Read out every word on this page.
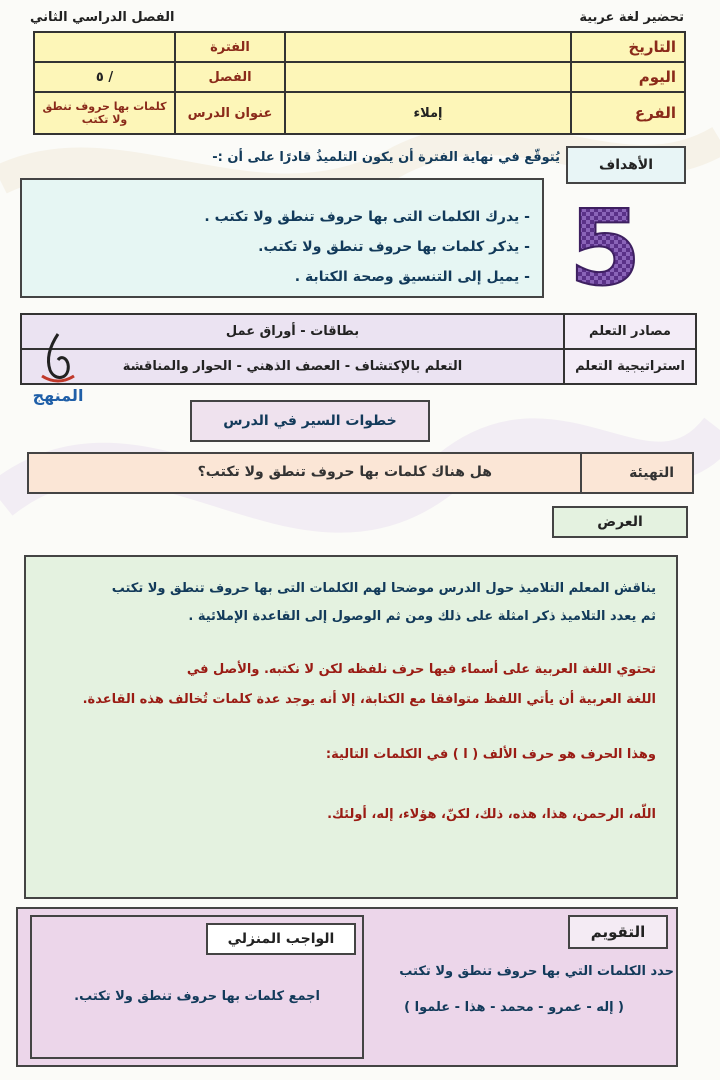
تحضير لغة عربية
الفصل الدراسي الثاني
التاريخ		الفترة	
اليوم		الفصل	/ ٥
الفرع	إملاء	عنوان الدرس	كلمات بها حروف تنطق ولا تكتب
الأهداف
يُتوقّع في نهاية الفترة أن يكون التلميذُ قادرًا على أن :-
- يدرك الكلمات التى بها حروف تنطق ولا تكتب .
- يذكر كلمات بها حروف تنطق ولا تكتب.
- يميل إلى التنسيق وصحة الكتابة . 5
مصادر التعلم	بطاقات - أوراق عمل
استراتيجية التعلم	التعلم بالإكتشاف - العصف الذهني - الحوار والمناقشة
المنهج
خطوات السير في الدرس
التهيئة
هل هناك كلمات بها حروف تنطق ولا تكتب؟
العرض
يناقش المعلم التلاميذ حول الدرس موضحا لهم الكلمات التى بها حروف تنطق ولا تكتب
ثم يعدد التلاميذ ذكر امثلة على ذلك ومن ثم الوصول إلى القاعدة الإملائية .
تحتوي اللغة العربية على أسماء فيها حرف نلفظه لكن لا نكتبه. والأصل في
اللغة العربية أن يأتي اللفظ متوافقا مع الكتابة، إلا أنه يوجد عدة كلمات تُخالف هذه القاعدة.
وهذا الحرف هو حرف الألف ( ا ) في الكلمات التالية:
اللّه، الرحمن، هذا، هذه، ذلك، لكنّ، هؤلاء، إله، أولئك.
التقويم
حدد الكلمات التي بها حروف تنطق ولا تكتب
( إله - عمرو - محمد - هذا - علموا )
الواجب المنزلي
اجمع كلمات بها حروف تنطق ولا تكتب.
